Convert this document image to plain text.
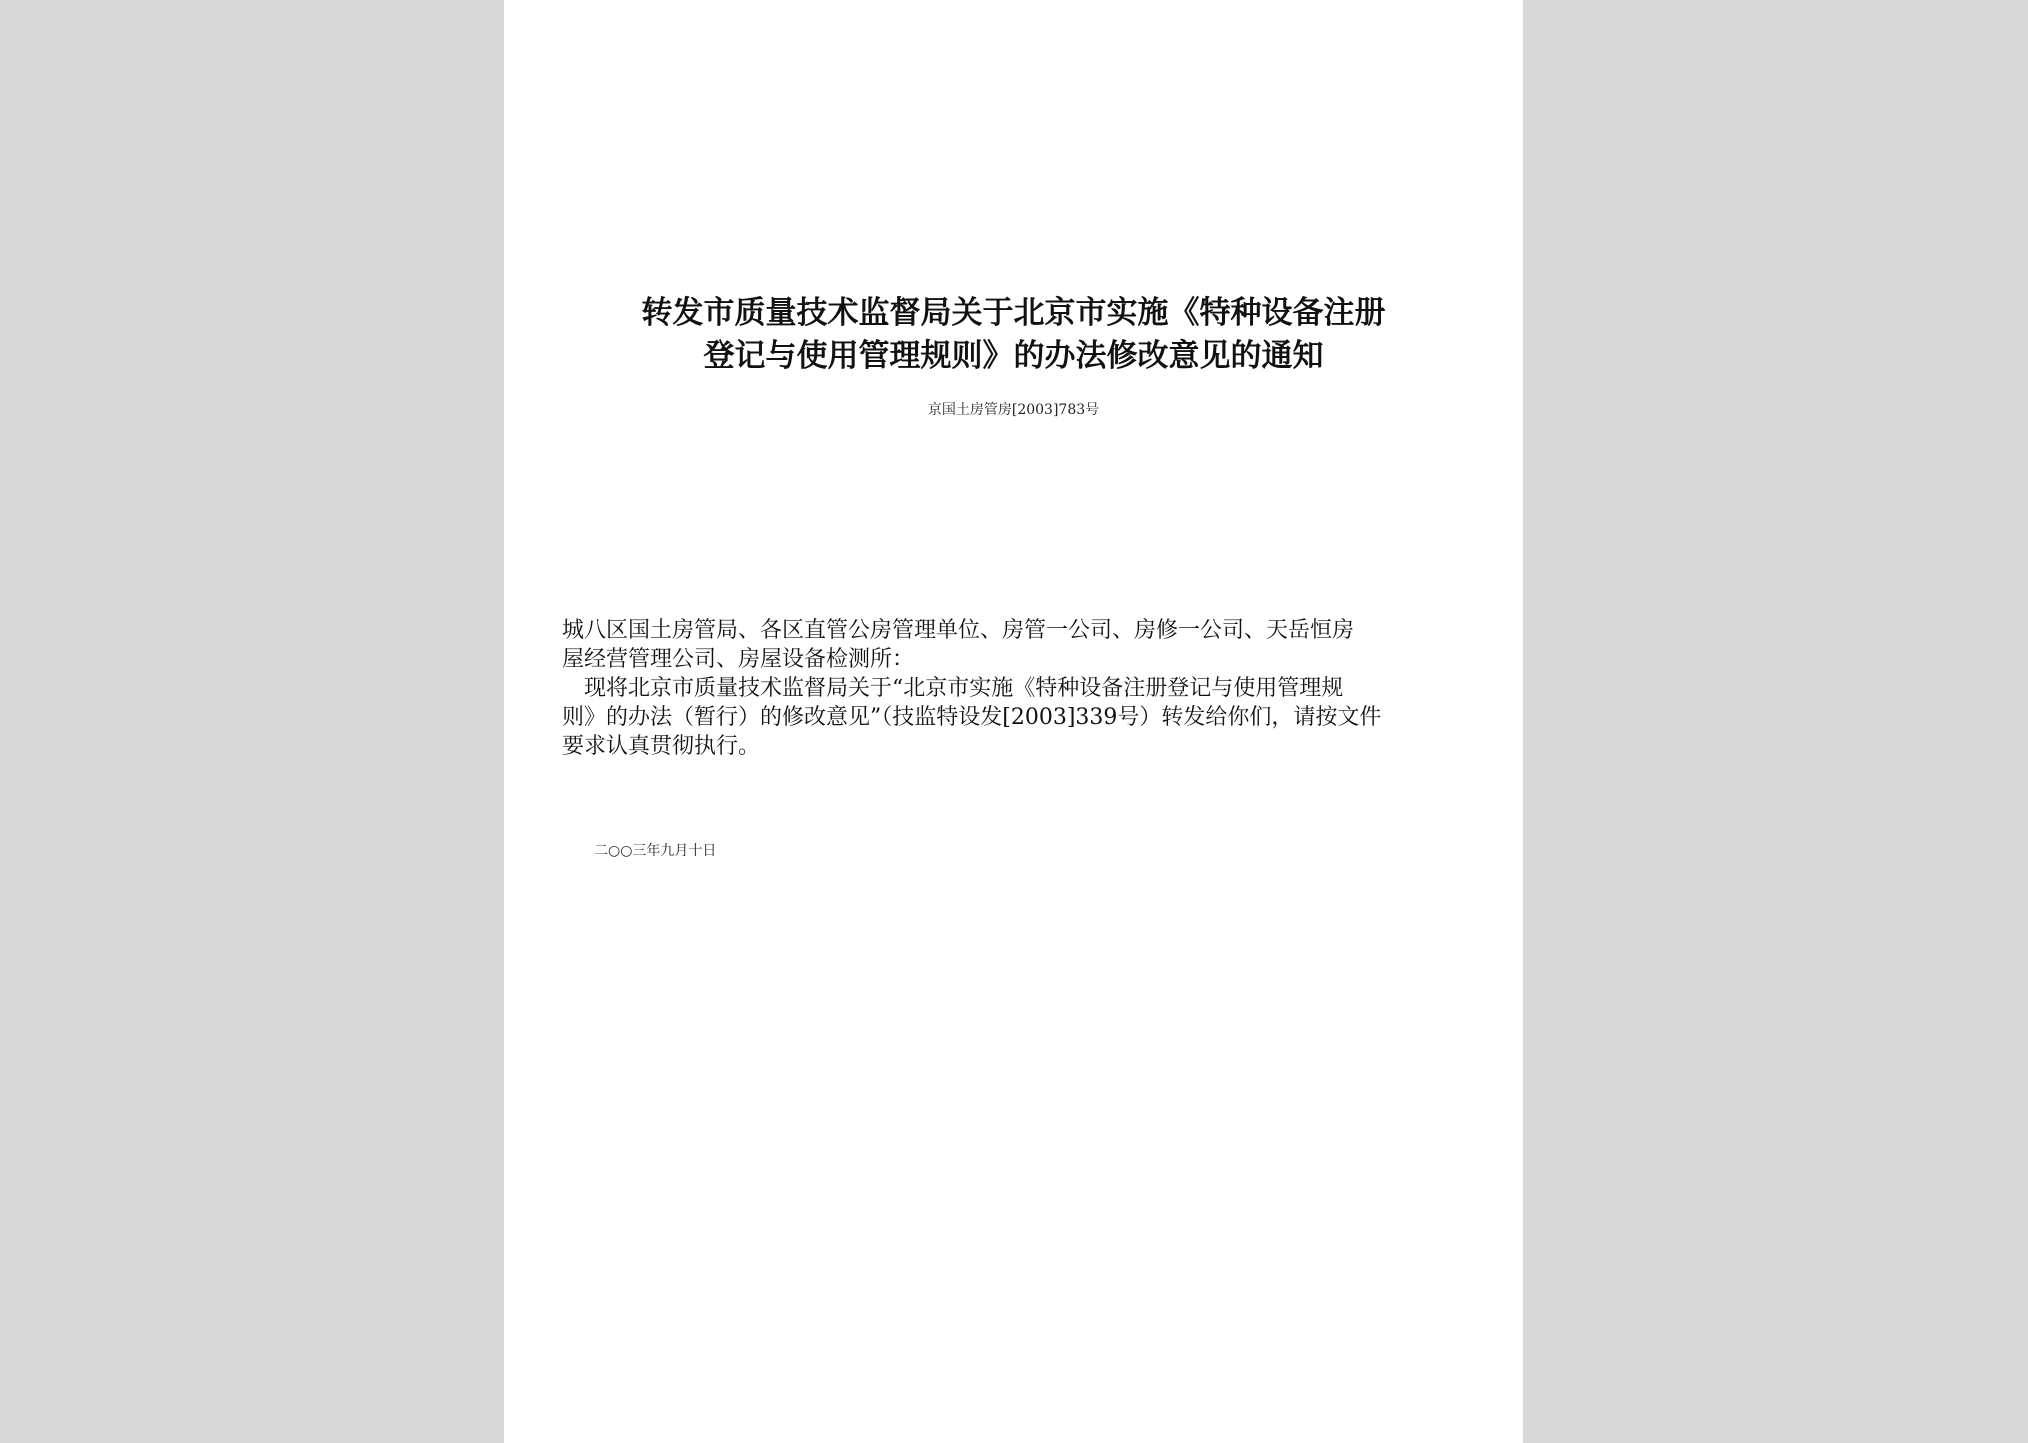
转发市质量技术监督局关于北京市实施《特种设备注册
登记与使用管理规则》的办法修改意见的通知
京国土房管房[2003]783号
城八区国土房管局、各区直管公房管理单位、房管一公司、房修一公司、天岳恒房
屋经营管理公司、房屋设备检测所：
　现将北京市质量技术监督局关于“北京市实施《特种设备注册登记与使用管理规
则》的办法（暂行）的修改意见”（技监特设发[2003]339号）转发给你们，请按文件
要求认真贯彻执行。
二○○三年九月十日
